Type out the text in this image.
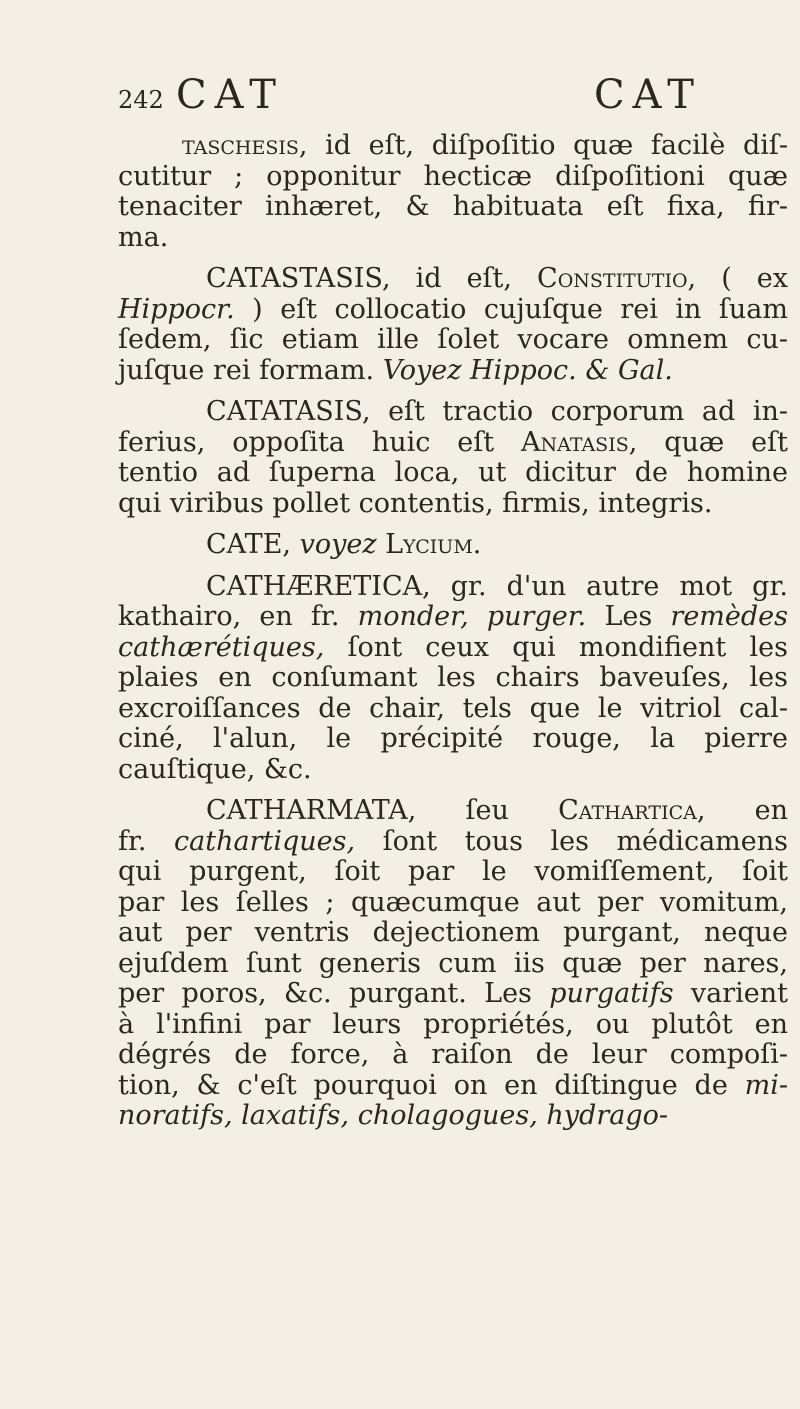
242 CAT	CAT
taschesis, id eſt, diſpoſitio quæ facilè diſ-
cutitur ; opponitur hecticæ diſpoſitioni quæ
tenaciter inhæret, & habituata eſt fixa, fir-
ma.
CATASTASIS, id eſt, Constitutio, ( ex
Hippocr. ) eſt collocatio cujuſque rei in ſuam
ſedem, ſic etiam ille ſolet vocare omnem cu-
juſque rei formam. Voyez Hippoc. & Gal.
CATATASIS, eſt tractio corporum ad in-
ferius, oppoſita huic eſt Anatasis, quæ eſt
tentio ad ſuperna loca, ut dicitur de homine
qui viribus pollet contentis, firmis, integris.
CATE, voyez Lycium.
CATHÆRETICA, gr. d'un autre mot gr.
kathairo, en fr. monder, purger. Les remèdes
cathærétiques, ſont ceux qui mondifient les
plaies en conſumant les chairs baveuſes, les
excroiſſances de chair, tels que le vitriol cal-
ciné, l'alun, le précipité rouge, la pierre
cauſtique, &c.
CATHARMATA, ſeu Cathartica, en
fr. cathartiques, ſont tous les médicamens
qui purgent, ſoit par le vomiſſement, ſoit
par les ſelles ; quæcumque aut per vomitum,
aut per ventris dejectionem purgant, neque
ejuſdem ſunt generis cum iis quæ per nares,
per poros, &c. purgant. Les purgatifs varient
à l'infini par leurs propriétés, ou plutôt en
dégrés de force, à raiſon de leur compoſi-
tion, & c'eſt pourquoi on en diſtingue de mi-
noratifs, laxatifs, cholagogues, hydrago-
